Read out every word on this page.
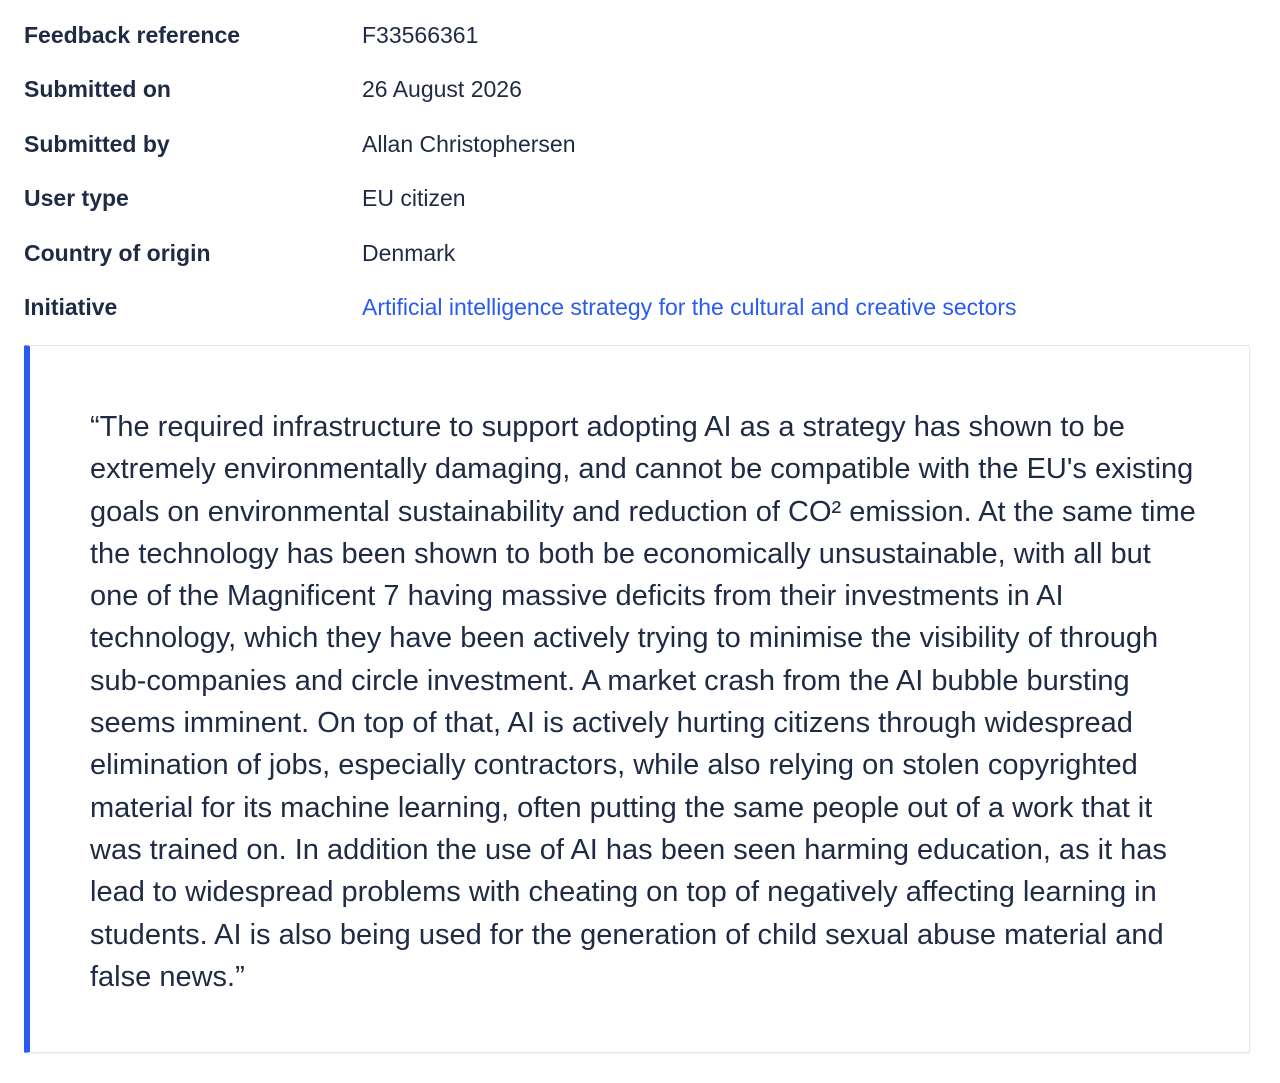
Feedback reference	F33566361
Submitted on	26 August 2026
Submitted by	Allan Christophersen
User type	EU citizen
Country of origin	Denmark
Initiative	Artificial intelligence strategy for the cultural and creative sectors

“The required infrastructure to support adopting AI as a strategy has shown to be extremely environmentally damaging, and cannot be compatible with the EU's existing goals on environmental sustainability and reduction of CO² emission. At the same time the technology has been shown to both be economically unsustainable, with all but one of the Magnificent 7 having massive deficits from their investments in AI technology, which they have been actively trying to minimise the visibility of through sub-companies and circle investment. A market crash from the AI bubble bursting seems imminent. On top of that, AI is actively hurting citizens through widespread elimination of jobs, especially contractors, while also relying on stolen copyrighted material for its machine learning, often putting the same people out of a work that it was trained on. In addition the use of AI has been seen harming education, as it has lead to widespread problems with cheating on top of negatively affecting learning in students. AI is also being used for the generation of child sexual abuse material and false news.”
